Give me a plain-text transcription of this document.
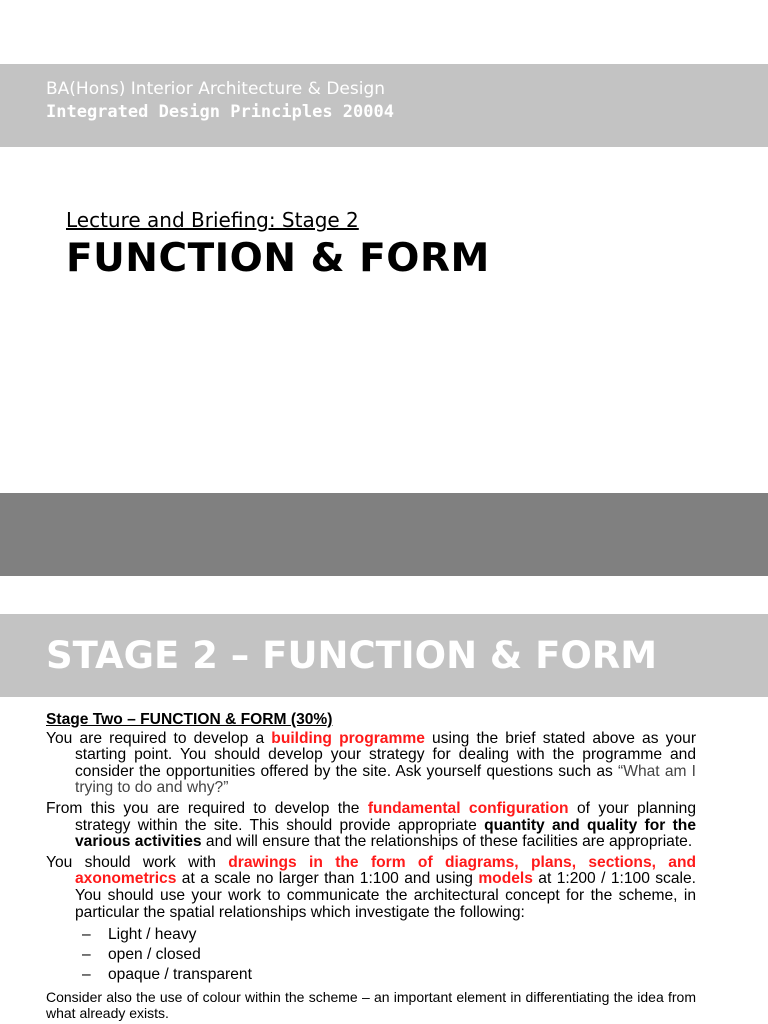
BA(Hons) Interior Architecture & Design
Integrated Design Principles 20004
Lecture and Briefing: Stage 2
FUNCTION & FORM
STAGE 2 – FUNCTION & FORM
Stage Two – FUNCTION & FORM (30%)
You are required to develop a building programme using the brief stated above as your starting point. You should develop your strategy for dealing with the programme and consider the opportunities offered by the site. Ask yourself questions such as “What am I trying to do and why?”
From this you are required to develop the fundamental configuration of your planning strategy within the site. This should provide appropriate quantity and quality for the various activities and will ensure that the relationships of these facilities are appropriate.
You should work with drawings in the form of diagrams, plans, sections, and axonometrics at a scale no larger than 1:100 and using models at 1:200 / 1:100 scale. You should use your work to communicate the architectural concept for the scheme, in particular the spatial relationships which investigate the following:
– Light / heavy
– open / closed
– opaque / transparent
Consider also the use of colour within the scheme – an important element in differentiating the idea from what already exists.
